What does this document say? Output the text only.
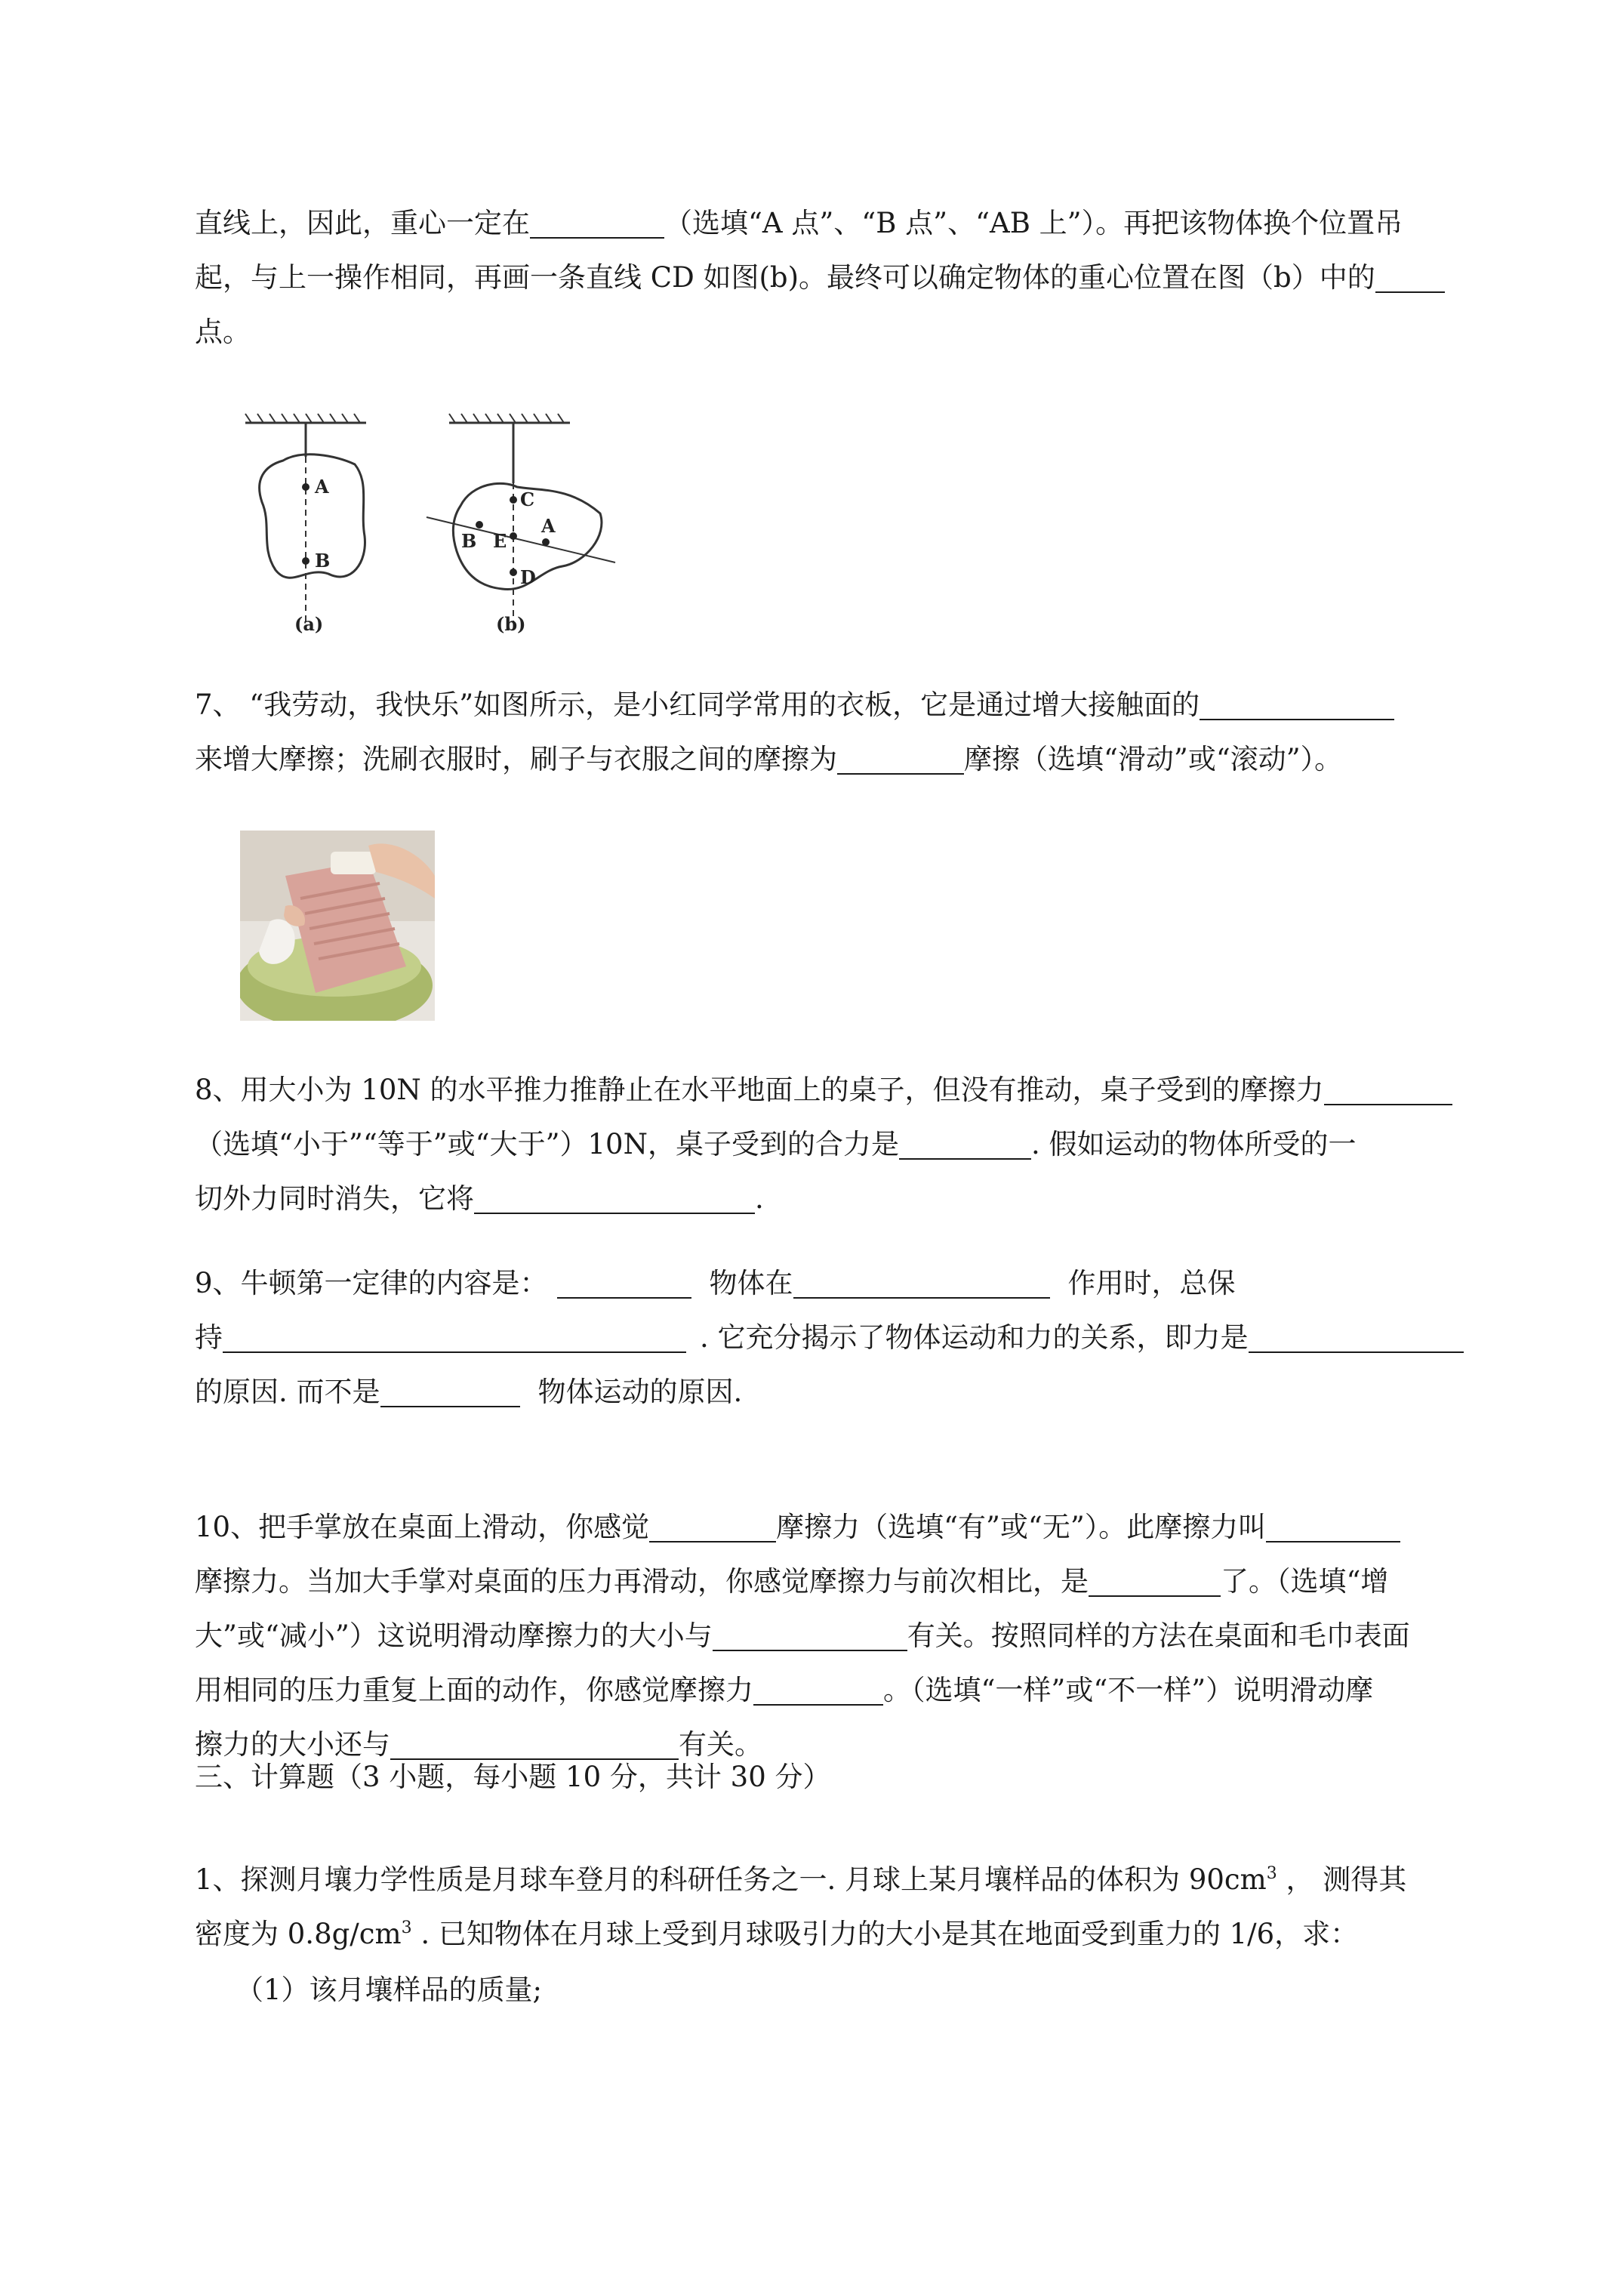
直线上，因此，重心一定在	（选填“A 点”、“B 点”、“AB 上”）。再把该物体换个位置吊
起，与上一操作相同，再画一条直线 CD 如图(b)。最终可以确定物体的重心位置在图（b）中的
点。
A
B
(a)
C
E
D
A
B
(b)
7、 “我劳动，我快乐”如图所示，是小红同学常用的衣板，它是通过增大接触面的
来增大摩擦；洗刷衣服时，刷子与衣服之间的摩擦为	摩擦（选填“滑动”或“滚动”）。
8、用大小为 10N 的水平推力推静止在水平地面上的桌子，但没有推动，桌子受到的摩擦力
（选填“小于”“等于”或“大于”）10N，桌子受到的合力是	. 假如运动的物体所受的一
切外力同时消失，它将	.
9、牛顿第一定律的内容是：	物体在	作用时，总保
持	. 它充分揭示了物体运动和力的关系，即力是
的原因. 而不是	物体运动的原因.
10、把手掌放在桌面上滑动，你感觉	摩擦力（选填“有”或“无”）。此摩擦力叫
摩擦力。当加大手掌对桌面的压力再滑动，你感觉摩擦力与前次相比，是	了。（选填“增
大”或“减小”）这说明滑动摩擦力的大小与	有关。按照同样的方法在桌面和毛巾表面
用相同的压力重复上面的动作，你感觉摩擦力	。（选填“一样”或“不一样”）说明滑动摩
擦力的大小还与	有关。
三、计算题（3 小题，每小题 10 分，共计 30 分）
1、探测月壤力学性质是月球车登月的科研任务之一. 月球上某月壤样品的体积为 $90cm^3$ ， 测得其
密度为 $0.8g/cm^3$ . 已知物体在月球上受到月球吸引力的大小是其在地面受到重力的 1/6，求：
（1）该月壤样品的质量;
